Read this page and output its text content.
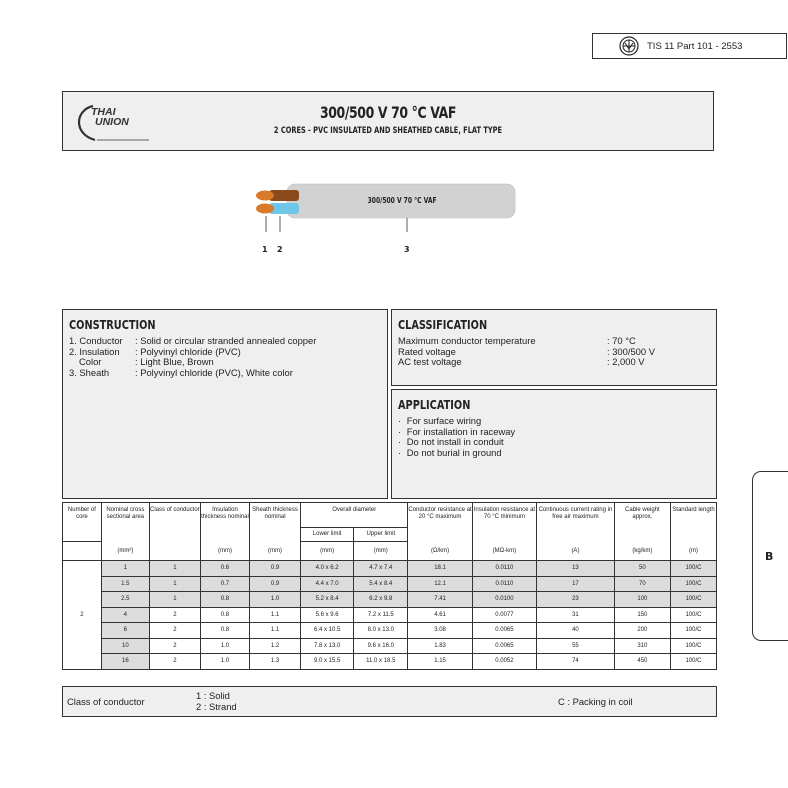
TIS 11 Part 101 - 2553
THAI
UNION	300/500 V 70 °C VAF
2 CORES - PVC INSULATED AND SHEATHED CABLE, FLAT TYPE
300/500 V 70 °C VAF
1 2	3
CONSTRUCTION
1. Conductor	: Solid or circular stranded annealed copper
2. Insulation	: Polyvinyl chloride (PVC)
Color	: Light Blue, Brown
3. Sheath	: Polyvinyl chloride (PVC), White color
CLASSIFICATION
Maximum conductor temperature	: 70 °C
Rated voltage	: 300/500 V
AC test voltage	: 2,000 V
APPLICATION
· For surface wiring
· For installation in raceway
· Do not install in conduit
· Do not burial in ground
Number of core	Nominal cross sectional area	Class of conductor	Insulation thickness nominal	Sheath thickness nominal	Overall diameter		Conductor resistance at 20 °C maximum	Insulation resistance at 70 °C minimum	Continuous current rating in free air maximum	Cable weight approx.	Standard length
					Lower limit	Upper limit					
	(mm²)		(mm)	(mm)	(mm)	(mm)	(Ω/km)	(MΩ-km)	(A)	(kg/km)	(m)
2	1	1	0.6	0.9	4.0 x 6.2	4.7 x 7.4	18.1	0.0110	13	50	100/C
	1.5	1	0.7	0.9	4.4 x 7.0	5.4 x 8.4	12.1	0.0110	17	70	100/C
	2.5	1	0.8	1.0	5.2 x 8.4	6.2 x 9.8	7.41	0.0100	23	100	100/C
	4	2	0.8	1.1	5.6 x 9.6	7.2 x 11.5	4.61	0.0077	31	150	100/C
	6	2	0.8	1.1	6.4 x 10.5	8.0 x 13.0	3.08	0.0065	40	200	100/C
	10	2	1.0	1.2	7.8 x 13.0	9.6 x 16.0	1.83	0.0065	55	310	100/C
	16	2	1.0	1.3	9.0 x 15.5	11.0 x 18.5	1.15	0.0052	74	450	100/C
Class of conductor
1 : Solid
2 : Strand	C : Packing in coil
B
